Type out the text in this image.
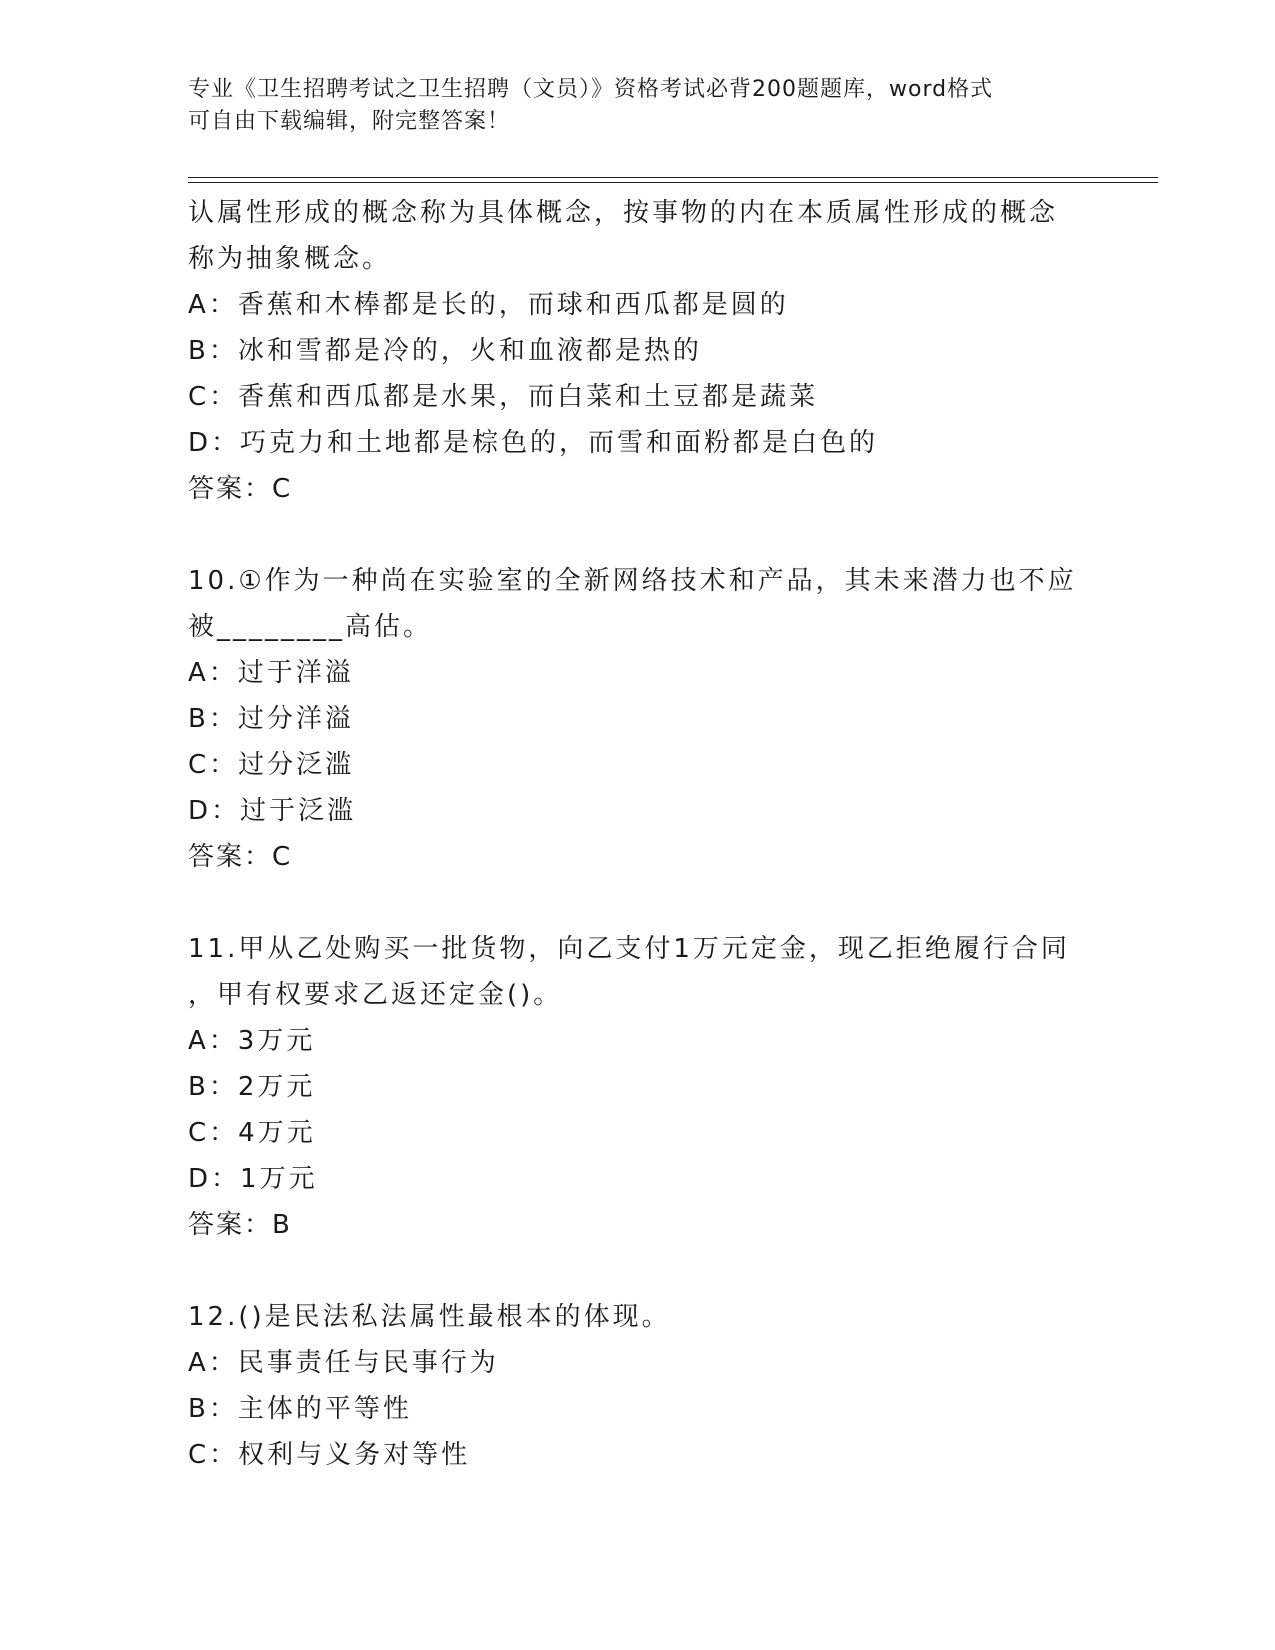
专业《卫生招聘考试之卫生招聘（文员）》资格考试必背200题题库，word格式
可自由下载编辑，附完整答案！
认属性形成的概念称为具体概念，按事物的内在本质属性形成的概念
称为抽象概念。
A：香蕉和木棒都是长的，而球和西瓜都是圆的
B：冰和雪都是冷的，火和血液都是热的
C：香蕉和西瓜都是水果，而白菜和土豆都是蔬菜
D：巧克力和土地都是棕色的，而雪和面粉都是白色的
答案：C
10.①作为一种尚在实验室的全新网络技术和产品，其未来潜力也不应
被________高估。
A：过于洋溢
B：过分洋溢
C：过分泛滥
D：过于泛滥
答案：C
11.甲从乙处购买一批货物，向乙支付1万元定金，现乙拒绝履行合同
，甲有权要求乙返还定金()。
A：3万元
B：2万元
C：4万元
D：1万元
答案：B
12.()是民法私法属性最根本的体现。
A：民事责任与民事行为
B：主体的平等性
C：权利与义务对等性
